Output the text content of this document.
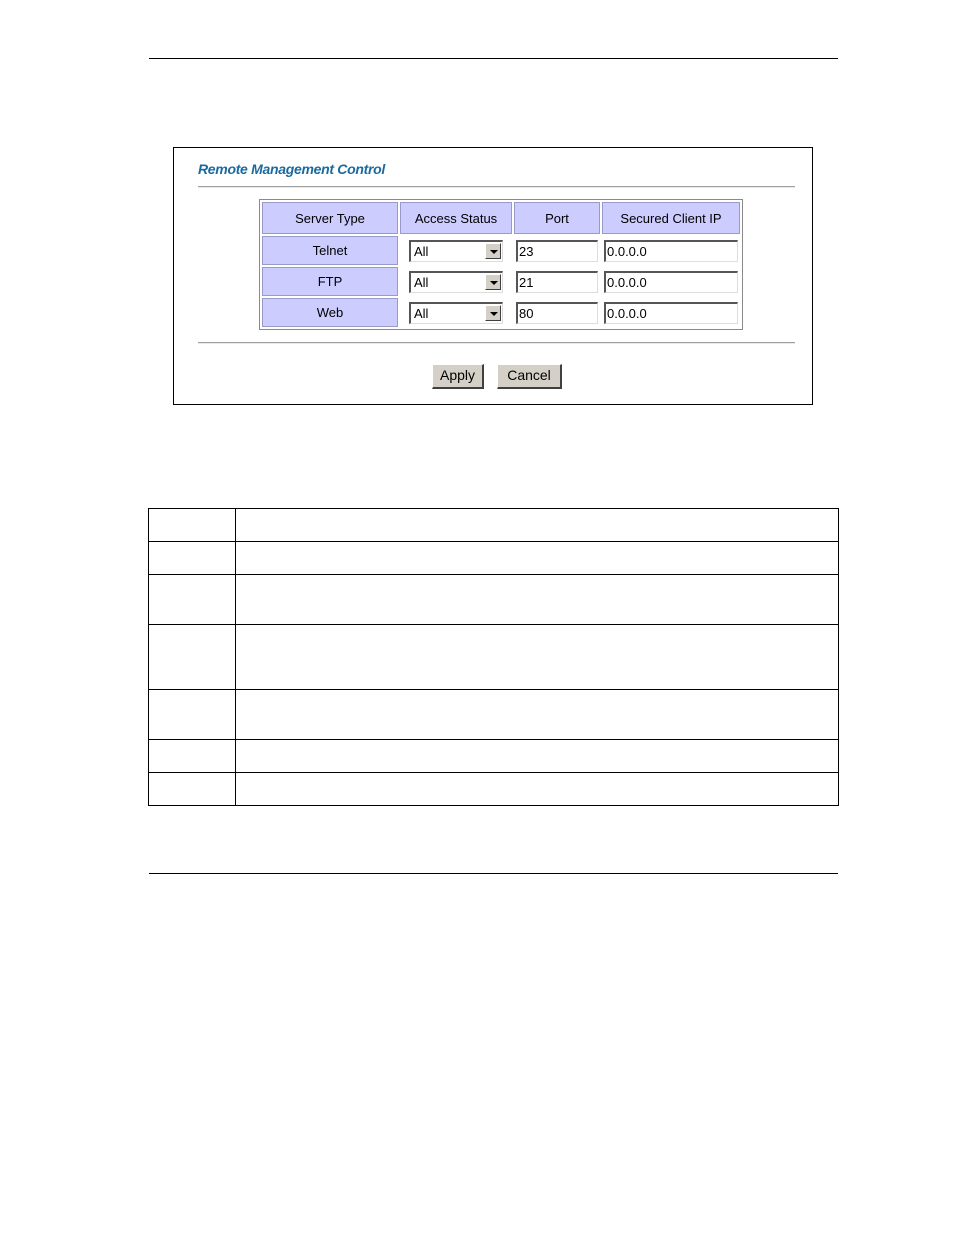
Remote Management Control
Server Type	Access Status	Port	Secured Client IP
Telnet	All	23	0.0.0.0
FTP	All	21	0.0.0.0
Web	All	80	0.0.0.0
Apply	Cancel
